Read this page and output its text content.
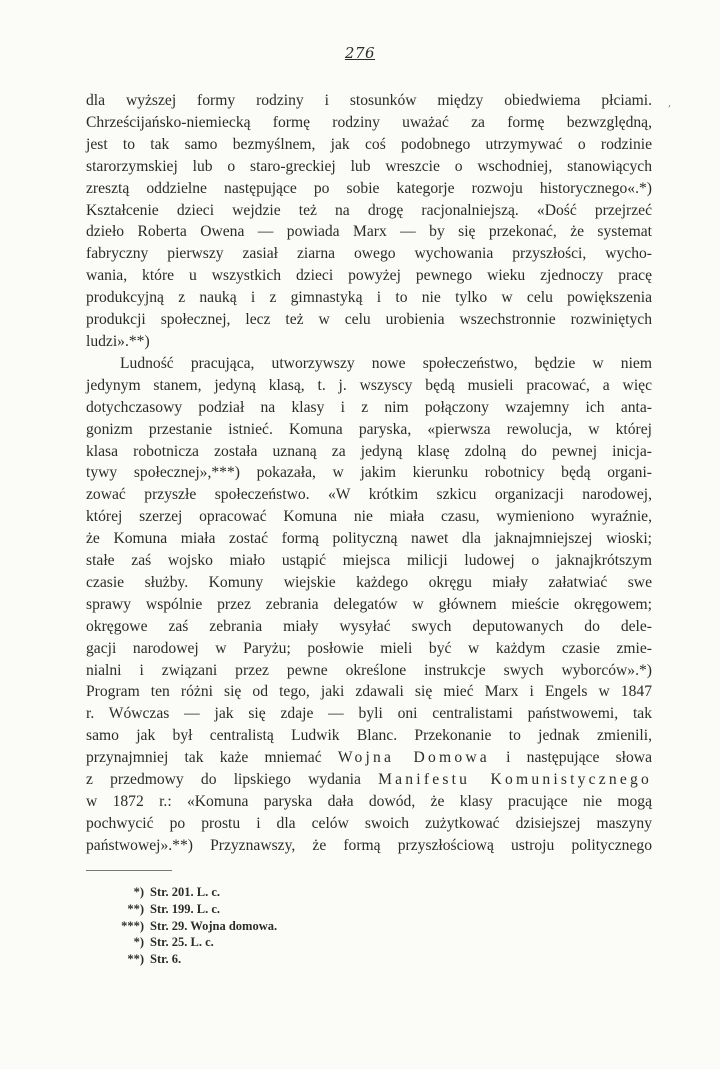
276
,
dla wyższej formy rodziny i stosunków między obiedwiema płciami.
Chrześcijańsko-niemiecką formę rodziny uważać za formę bezwzględną,
jest to tak samo bezmyślnem, jak coś podobnego utrzymywać o rodzinie
starorzymskiej lub o staro-greckiej lub wreszcie o wschodniej, stanowiących
zresztą oddzielne następujące po sobie kategorje rozwoju historycznego«.*)
Kształcenie dzieci wejdzie też na drogę racjonalniejszą. «Dość przejrzeć
dzieło Roberta Owena — powiada Marx — by się przekonać, że systemat
fabryczny pierwszy zasiał ziarna owego wychowania przyszłości, wycho-
wania, które u wszystkich dzieci powyżej pewnego wieku zjednoczy pracę
produkcyjną z nauką i z gimnastyką i to nie tylko w celu powiększenia
produkcji społecznej, lecz też w celu urobienia wszechstronnie rozwiniętych
ludzi».**)
Ludność pracująca, utworzywszy nowe społeczeństwo, będzie w niem
jedynym stanem, jedyną klasą, t. j. wszyscy będą musieli pracować, a więc
dotychczasowy podział na klasy i z nim połączony wzajemny ich anta-
gonizm przestanie istnieć. Komuna paryska, «pierwsza rewolucja, w której
klasa robotnicza została uznaną za jedyną klasę zdolną do pewnej inicja-
tywy społecznej»,***) pokazała, w jakim kierunku robotnicy będą organi-
zować przyszłe społeczeństwo. «W krótkim szkicu organizacji narodowej,
której szerzej opracować Komuna nie miała czasu, wymieniono wyraźnie,
że Komuna miała zostać formą polityczną nawet dla jaknajmniejszej wioski;
stałe zaś wojsko miało ustąpić miejsca milicji ludowej o jaknajkrótszym
czasie służby. Komuny wiejskie każdego okręgu miały załatwiać swe
sprawy wspólnie przez zebrania delegatów w głównem mieście okręgowem;
okręgowe zaś zebrania miały wysyłać swych deputowanych do dele-
gacji narodowej w Paryżu; posłowie mieli być w każdym czasie zmie-
nialni i związani przez pewne określone instrukcje swych wyborców».*)
Program ten różni się od tego, jaki zdawali się mieć Marx i Engels w 1847
r. Wówczas — jak się zdaje — byli oni centralistami państwowemi, tak
samo jak był centralistą Ludwik Blanc. Przekonanie to jednak zmienili,
przynajmniej tak każe mniemać Wojna Domowa i następujące słowa
z przedmowy do lipskiego wydania Manifestu Komunistycznego
w 1872 r.: «Komuna paryska dała dowód, że klasy pracujące nie mogą
pochwycić po prostu i dla celów swoich zużytkować dzisiejszej maszyny
państwowej».**) Przyznawszy, że formą przyszłościową ustroju politycznego
*) Str. 201. L. c.
**) Str. 199. L. c.
***) Str. 29. Wojna domowa.
*) Str. 25. L. c.
**) Str. 6.
